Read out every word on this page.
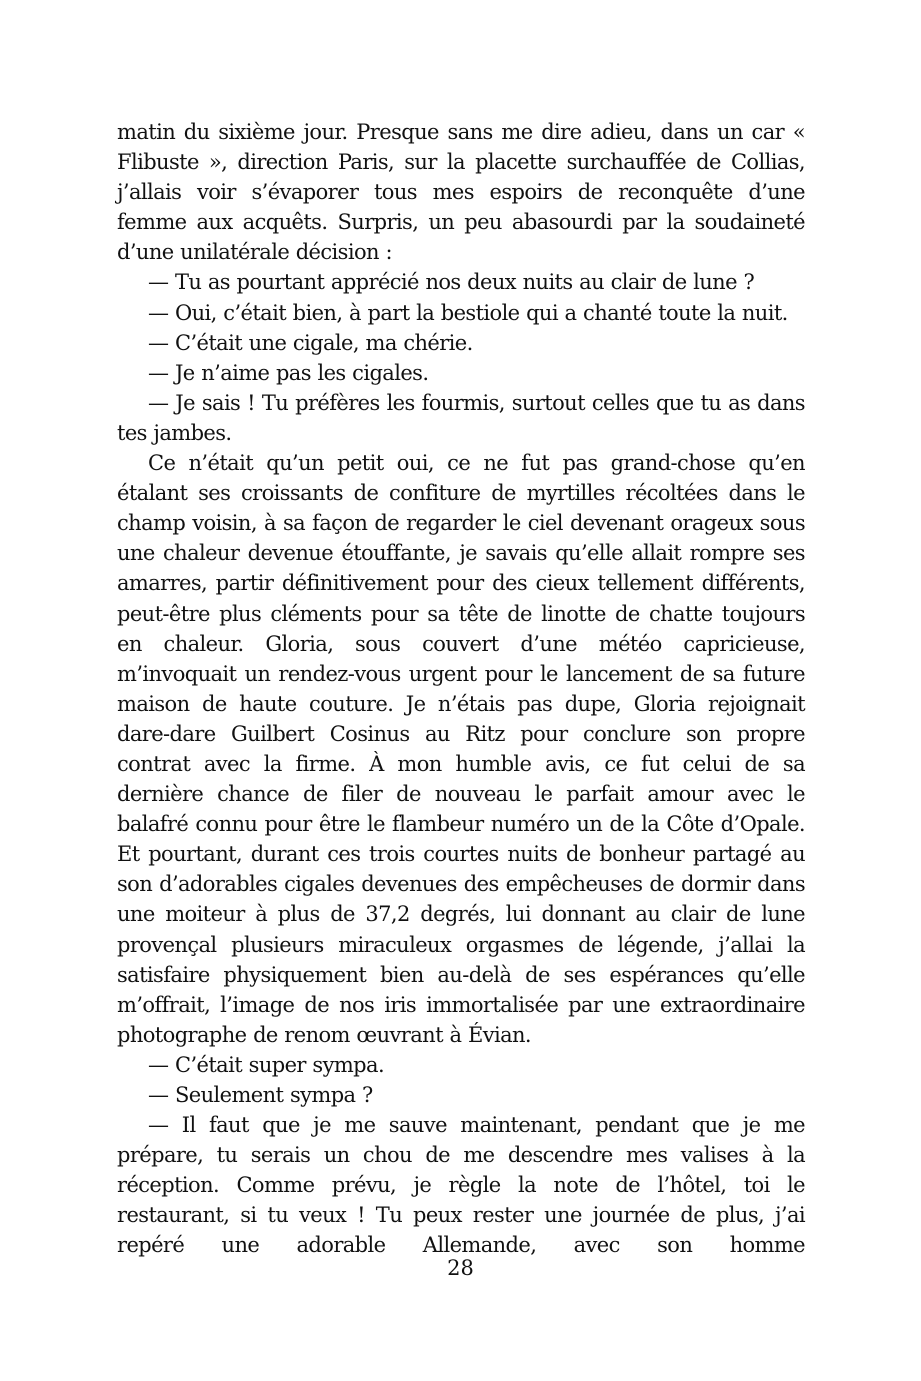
matin du sixième jour. Presque sans me dire adieu, dans un car « Flibuste », direction Paris, sur la placette surchauffée de Collias, j’allais voir s’évaporer tous mes espoirs de reconquête d’une femme aux acquêts. Surpris, un peu abasourdi par la soudaineté d’une unilatérale décision :

— Tu as pourtant apprécié nos deux nuits au clair de lune ?

— Oui, c’était bien, à part la bestiole qui a chanté toute la nuit.

— C’était une cigale, ma chérie.

— Je n’aime pas les cigales.

— Je sais ! Tu préfères les fourmis, surtout celles que tu as dans tes jambes.

Ce n’était qu’un petit oui, ce ne fut pas grand-chose qu’en étalant ses croissants de confiture de myrtilles récoltées dans le champ voisin, à sa façon de regarder le ciel devenant orageux sous une chaleur devenue étouffante, je savais qu’elle allait rompre ses amarres, partir définitivement pour des cieux tellement différents, peut-être plus cléments pour sa tête de linotte de chatte toujours en chaleur. Gloria, sous couvert d’une météo capricieuse, m’invoquait un rendez-vous urgent pour le lancement de sa future maison de haute couture. Je n’étais pas dupe, Gloria rejoignait dare-dare Guilbert Cosinus au Ritz pour conclure son propre contrat avec la firme. À mon humble avis, ce fut celui de sa dernière chance de filer de nouveau le parfait amour avec le balafré connu pour être le flambeur numéro un de la Côte d’Opale. Et pourtant, durant ces trois courtes nuits de bonheur partagé au son d’adorables cigales devenues des empêcheuses de dormir dans une moiteur à plus de 37,2 degrés, lui donnant au clair de lune provençal plusieurs miraculeux orgasmes de légende, j’allai la satisfaire physiquement bien au-delà de ses espérances qu’elle m’offrait, l’image de nos iris immortalisée par une extraordinaire photographe de renom œuvrant à Évian.

— C’était super sympa.

— Seulement sympa ?

— Il faut que je me sauve maintenant, pendant que je me prépare, tu serais un chou de me descendre mes valises à la réception. Comme prévu, je règle la note de l’hôtel, toi le restaurant, si tu veux ! Tu peux rester une journée de plus, j’ai repéré une adorable Allemande, avec son homme

28
